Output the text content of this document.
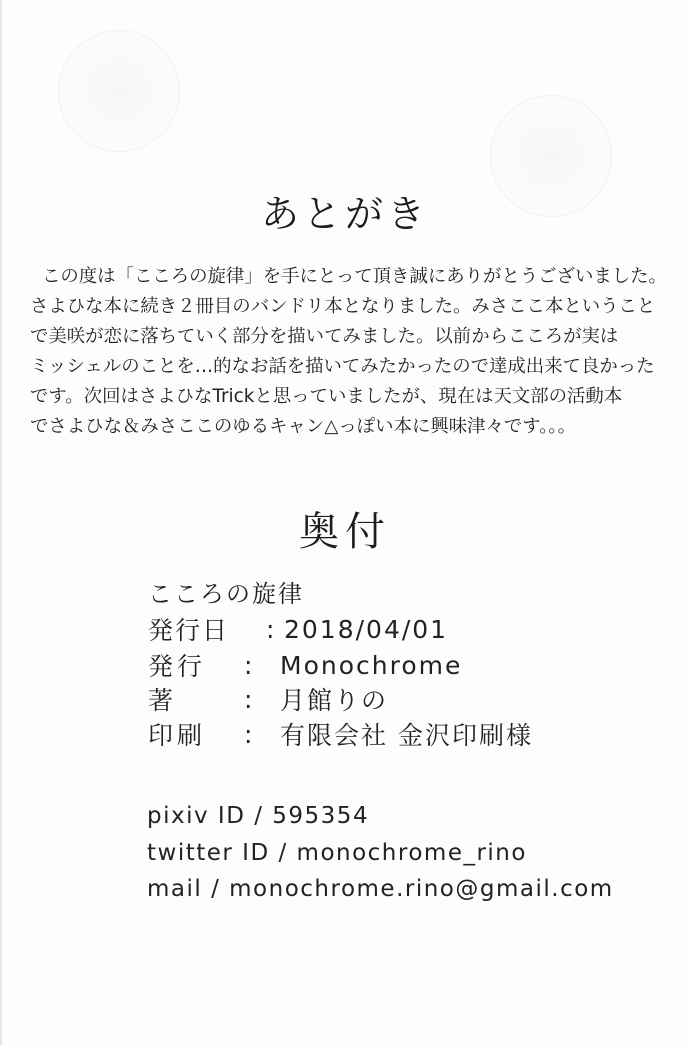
あとがき

この度は「こころの旋律」を手にとって頂き誠にありがとうございました。
さよひな本に続き２冊目のバンドリ本となりました。みさここ本ということ
で美咲が恋に落ちていく部分を描いてみました。以前からこころが実は
ミッシェルのことを…的なお話を描いてみたかったので達成出来て良かった
です。次回はさよひなTrickと思っていましたが、現在は天文部の活動本
でさよひな＆みさここのゆるキャン△っぽい本に興味津々です。。。

奥付
こころの旋律
発行日	: 2018/04/01
発行	:	Monochrome
著	:	月館りの
印刷	:	有限会社 金沢印刷様
pixiv ID / 595354
twitter ID / monochrome_rino
mail / monochrome.rino@gmail.com
